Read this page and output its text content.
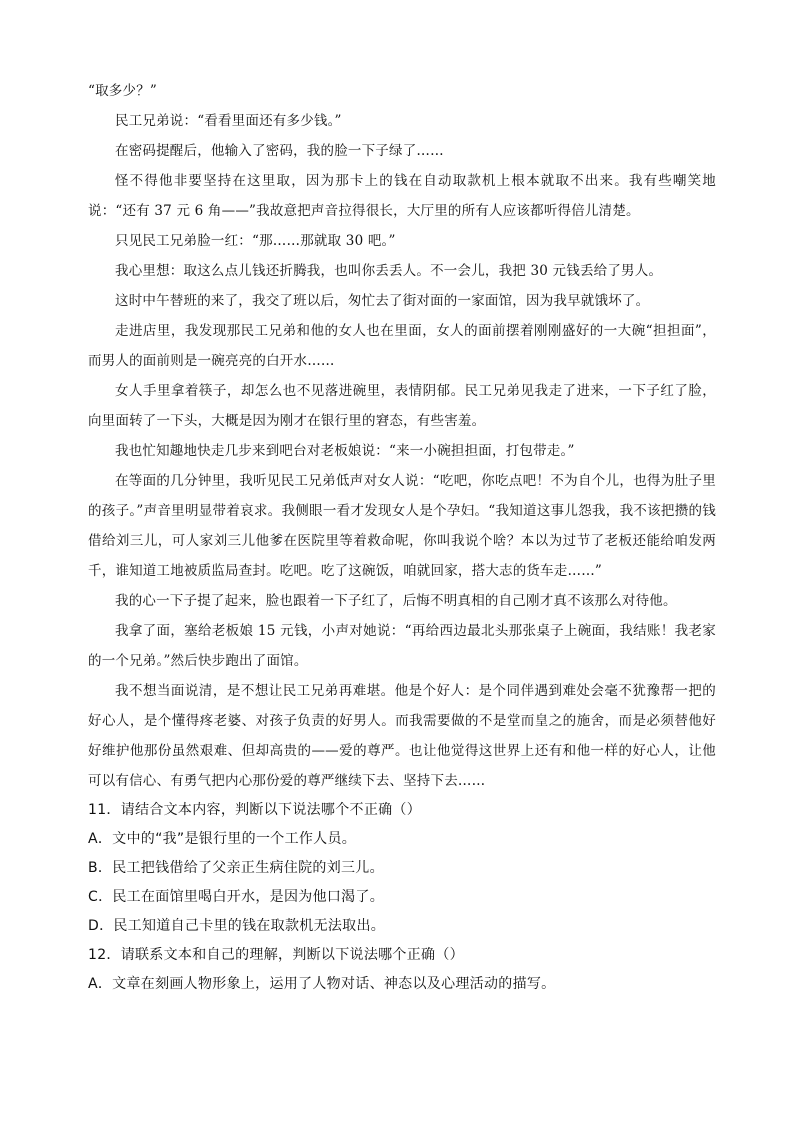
“取多少？”

民工兄弟说：“看看里面还有多少钱。”

在密码提醒后，他输入了密码，我的脸一下子绿了……

怪不得他非要坚持在这里取，因为那卡上的钱在自动取款机上根本就取不出来。我有些嘲笑地说：“还有 37 元 6 角——”我故意把声音拉得很长，大厅里的所有人应该都听得倍儿清楚。

只见民工兄弟脸一红：“那……那就取 30 吧。”

我心里想：取这么点儿钱还折腾我，也叫你丢丢人。不一会儿，我把 30 元钱丢给了男人。

这时中午替班的来了，我交了班以后，匆忙去了街对面的一家面馆，因为我早就饿坏了。

走进店里，我发现那民工兄弟和他的女人也在里面，女人的面前摆着刚刚盛好的一大碗“担担面”，而男人的面前则是一碗亮亮的白开水……

女人手里拿着筷子，却怎么也不见落进碗里，表情阴郁。民工兄弟见我走了进来，一下子红了脸，向里面转了一下头，大概是因为刚才在银行里的窘态，有些害羞。

我也忙知趣地快走几步来到吧台对老板娘说：“来一小碗担担面，打包带走。”

在等面的几分钟里，我听见民工兄弟低声对女人说：“吃吧，你吃点吧！不为自个儿，也得为肚子里的孩子。”声音里明显带着哀求。我侧眼一看才发现女人是个孕妇。“我知道这事儿怨我，我不该把攒的钱借给刘三儿，可人家刘三儿他爹在医院里等着救命呢，你叫我说个啥？本以为过节了老板还能给咱发两千，谁知道工地被质监局查封。吃吧。吃了这碗饭，咱就回家，搭大志的货车走……”

我的心一下子提了起来，脸也跟着一下子红了，后悔不明真相的自己刚才真不该那么对待他。

我拿了面，塞给老板娘 15 元钱，小声对她说：“再给西边最北头那张桌子上碗面，我结账！我老家的一个兄弟。”然后快步跑出了面馆。

我不想当面说清，是不想让民工兄弟再难堪。他是个好人：是个同伴遇到难处会毫不犹豫帮一把的好心人，是个懂得疼老婆、对孩子负责的好男人。而我需要做的不是堂而皇之的施舍，而是必须替他好好维护他那份虽然艰难、但却高贵的——爱的尊严。也让他觉得这世界上还有和他一样的好心人，让他可以有信心、有勇气把内心那份爱的尊严继续下去、坚持下去……

11．请结合文本内容，判断以下说法哪个不正确（）

A．文中的“我”是银行里的一个工作人员。

B．民工把钱借给了父亲正生病住院的刘三儿。

C．民工在面馆里喝白开水，是因为他口渴了。

D．民工知道自己卡里的钱在取款机无法取出。

12．请联系文本和自己的理解，判断以下说法哪个正确（）

A．文章在刻画人物形象上，运用了人物对话、神态以及心理活动的描写。
